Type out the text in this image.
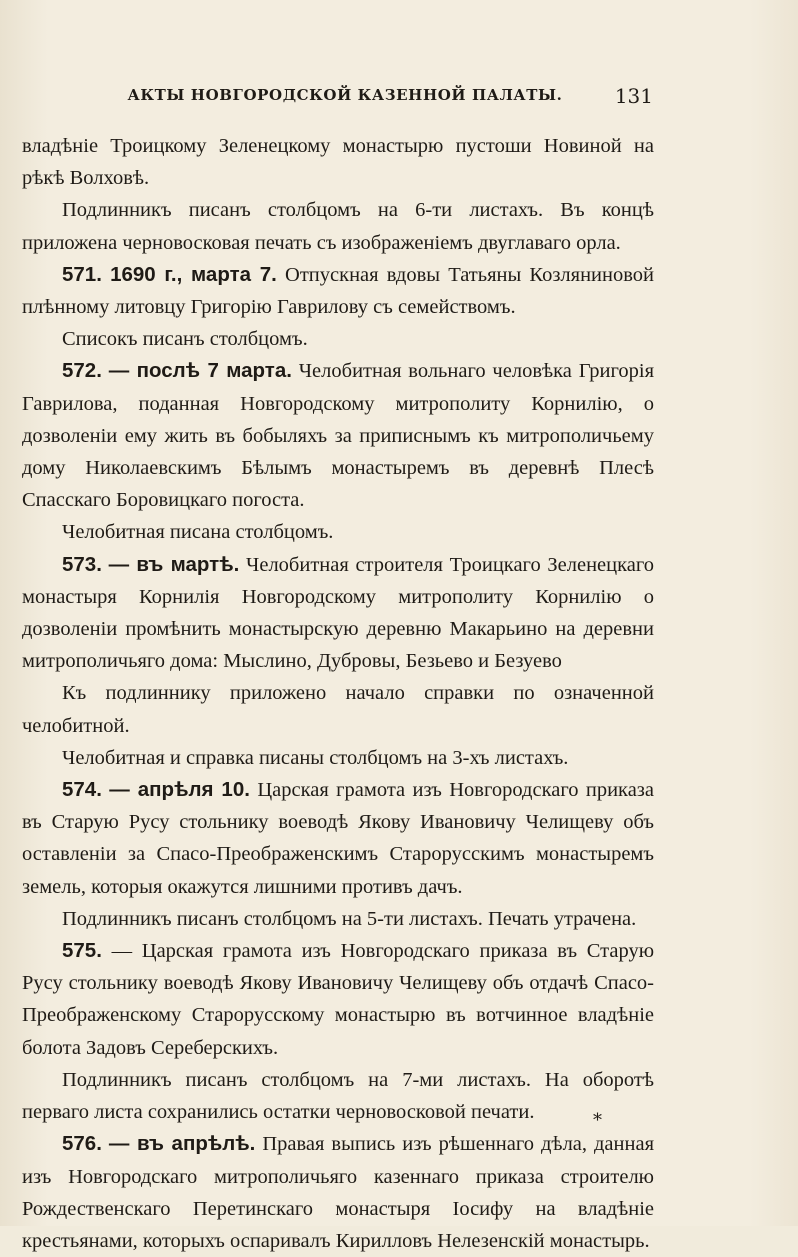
АКТЫ НОВГОРОДСКОЙ КАЗЕННОЙ ПАЛАТЫ.	131

владѣніе Троицкому Зеленецкому монастырю пустоши Новиной на рѣкѣ Волховѣ.

Подлинникъ писанъ столбцомъ на 6-ти листахъ. Въ концѣ приложена черновосковая печать съ изображеніемъ двуглаваго орла.

571. 1690 г., марта 7. Отпускная вдовы Татьяны Козляниновой плѣнному литовцу Григорію Гаврилову съ семействомъ.

Списокъ писанъ столбцомъ.

572. — послѣ 7 марта. Челобитная вольнаго человѣка Григорія Гаврилова, поданная Новгородскому митрополиту Корнилію, о дозволеніи ему жить въ бобыляхъ за приписнымъ къ митрополичьему дому Николаевскимъ Бѣлымъ монастыремъ въ деревнѣ Плесѣ Спасскаго Боровицкаго погоста.

Челобитная писана столбцомъ.

573. — въ мартѣ. Челобитная строителя Троицкаго Зеленецкаго монастыря Корнилія Новгородскому митрополиту Корнилію о дозволеніи промѣнить монастырскую деревню Макарьино на деревни митрополичьяго дома: Мыслино, Дубровы, Безьево и Безуево

Къ подлиннику приложено начало справки по означенной челобитной.

Челобитная и справка писаны столбцомъ на 3-хъ листахъ.

574. — апрѣля 10. Царская грамота изъ Новгородскаго приказа въ Старую Русу стольнику воеводѣ Якову Ивановичу Челищеву объ оставленіи за Спасо-Преображенскимъ Старорусскимъ монастыремъ земель, которыя окажутся лишними противъ дачъ.

Подлинникъ писанъ столбцомъ на 5-ти листахъ. Печать утрачена.

575. — Царская грамота изъ Новгородскаго приказа въ Старую Русу стольнику воеводѣ Якову Ивановичу Челищеву объ отдачѣ Спасо-Преображенскому Старорусскому монастырю въ вотчинное владѣніе болота Задовъ Сереберскихъ.

Подлинникъ писанъ столбцомъ на 7-ми листахъ. На оборотѣ перваго листа сохранились остатки черновосковой печати.

576. — въ апрѣлѣ. Правая выпись изъ рѣшеннаго дѣла, данная изъ Новгородскаго митрополичьяго казеннаго приказа строителю Рождественскаго Перетинскаго монастыря Іосифу на владѣніе крестьянами, которыхъ оспаривалъ Кирилловъ Нелезенскій монастырь.

*
